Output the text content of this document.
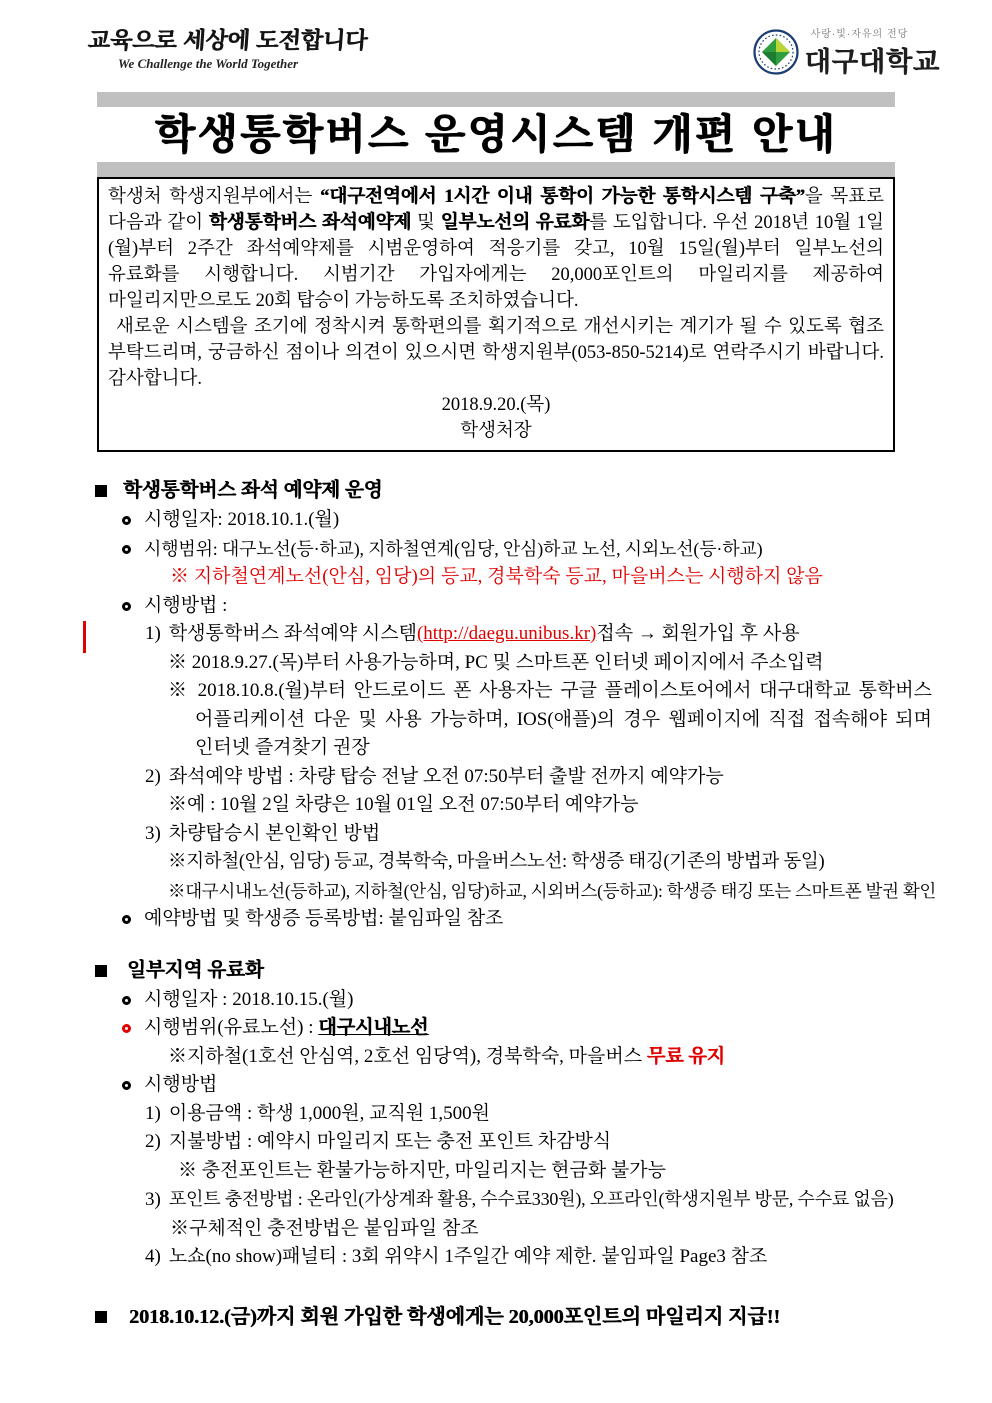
교육으로 세상에 도전합니다
We Challenge the World Together
사랑·빛·자유의 전당
대구대학교
학생통학버스 운영시스템 개편 안내

학생처 학생지원부에서는 “대구전역에서 1시간 이내 통학이 가능한 통학시스템 구축”을 목표로 다음과 같이 학생통학버스 좌석예약제 및 일부노선의 유료화를 도입합니다. 우선 2018년 10월 1일(월)부터 2주간 좌석예약제를 시범운영하여 적응기를 갖고, 10월 15일(월)부터 일부노선의 유료화를 시행합니다. 시범기간 가입자에게는 20,000포인트의 마일리지를 제공하여 마일리지만으로도 20회 탑승이 가능하도록 조치하였습니다.

새로운 시스템을 조기에 정착시켜 통학편의를 획기적으로 개선시키는 계기가 될 수 있도록 협조 부탁드리며, 궁금하신 점이나 의견이 있으시면 학생지원부(053-850-5214)로 연락주시기 바랍니다. 감사합니다.

2018.9.20.(목)

학생처장

학생통학버스 좌석 예약제 운영
시행일자: 2018.10.1.(월)
시행범위: 대구노선(등·하교), 지하철연계(임당, 안심)하교 노선, 시외노선(등·하교)
※ 지하철연계노선(안심, 임당)의 등교, 경북학숙 등교, 마을버스는 시행하지 않음
시행방법 :
1) 학생통학버스 좌석예약 시스템(http://daegu.unibus.kr)접속 → 회원가입 후 사용
※ 2018.9.27.(목)부터 사용가능하며, PC 및 스마트폰 인터넷 페이지에서 주소입력
※ 2018.10.8.(월)부터 안드로이드 폰 사용자는 구글 플레이스토어에서 대구대학교 통학버스 어플리케이션 다운 및 사용 가능하며, IOS(애플)의 경우 웹페이지에 직접 접속해야 되며 인터넷 즐겨찾기 권장
2) 좌석예약 방법 : 차량 탑승 전날 오전 07:50부터 출발 전까지 예약가능
※예 : 10월 2일 차량은 10월 01일 오전 07:50부터 예약가능
3) 차량탑승시 본인확인 방법
※지하철(안심, 임당) 등교, 경북학숙, 마을버스노선: 학생증 태깅(기존의 방법과 동일)
※대구시내노선(등하교), 지하철(안심, 임당)하교, 시외버스(등하교): 학생증 태깅 또는 스마트폰 발권 확인
예약방법 및 학생증 등록방법: 붙임파일 참조
일부지역 유료화
시행일자 : 2018.10.15.(월)
시행범위(유료노선) : 대구시내노선
※지하철(1호선 안심역, 2호선 임당역), 경북학숙, 마을버스 무료 유지
시행방법
1) 이용금액 : 학생 1,000원, 교직원 1,500원
2) 지불방법 : 예약시 마일리지 또는 충전 포인트 차감방식
※ 충전포인트는 환불가능하지만, 마일리지는 현금화 불가능
3) 포인트 충전방법 : 온라인(가상계좌 활용, 수수료330원), 오프라인(학생지원부 방문, 수수료 없음)
※구체적인 충전방법은 붙임파일 참조
4) 노쇼(no show)패널티 : 3회 위약시 1주일간 예약 제한. 붙임파일 Page3 참조
2018.10.12.(금)까지 회원 가입한 학생에게는 20,000포인트의 마일리지 지급!!
